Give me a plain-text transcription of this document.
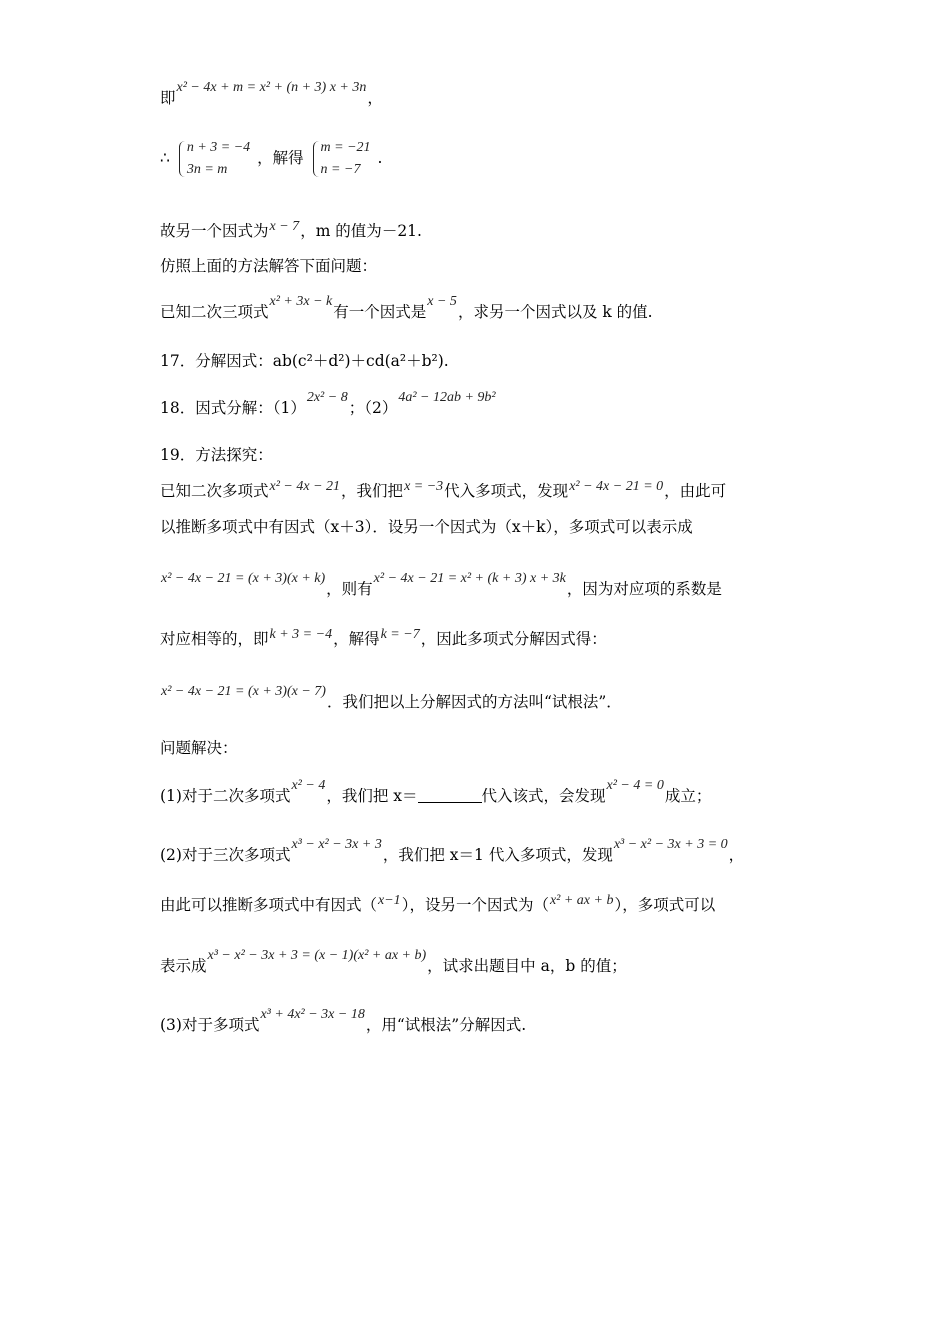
即x² − 4x + m = x² + (n + 3) x + 3n，
∴
n + 3 = −4
3n = m
，解得
m = −21
n = −7
.
故另一个因式为x − 7，m 的值为－21.
仿照上面的方法解答下面问题：
已知二次三项式x² + 3x − k有一个因式是x − 5，求另一个因式以及 k 的值.
17．分解因式：ab(c²＋d²)＋cd(a²＋b²).
18．因式分解：（1）2x² − 8；（2）4a² − 12ab + 9b²
19．方法探究：
已知二次多项式x² − 4x − 21，我们把x = −3代入多项式，发现x² − 4x − 21 = 0，由此可
以推断多项式中有因式（x＋3）．设另一个因式为（x＋k），多项式可以表示成
x² − 4x − 21 = (x + 3)(x + k)，则有x² − 4x − 21 = x² + (k + 3) x + 3k，因为对应项的系数是
对应相等的，即k + 3 = −4，解得k = −7，因此多项式分解因式得：
x² − 4x − 21 = (x + 3)(x − 7)．我们把以上分解因式的方法叫“试根法”．
问题解决：
(1)对于二次多项式x² − 4，我们把 x＝	代入该式，会发现x² − 4 = 0成立；
(2)对于三次多项式x³ − x² − 3x + 3，我们把 x＝1 代入多项式，发现x³ − x² − 3x + 3 = 0，
由此可以推断多项式中有因式（x−1），设另一个因式为（x² + ax + b），多项式可以
表示成x³ − x² − 3x + 3 = (x − 1)(x² + ax + b)，试求出题目中 a，b 的值；
(3)对于多项式x³ + 4x² − 3x − 18，用“试根法”分解因式.
